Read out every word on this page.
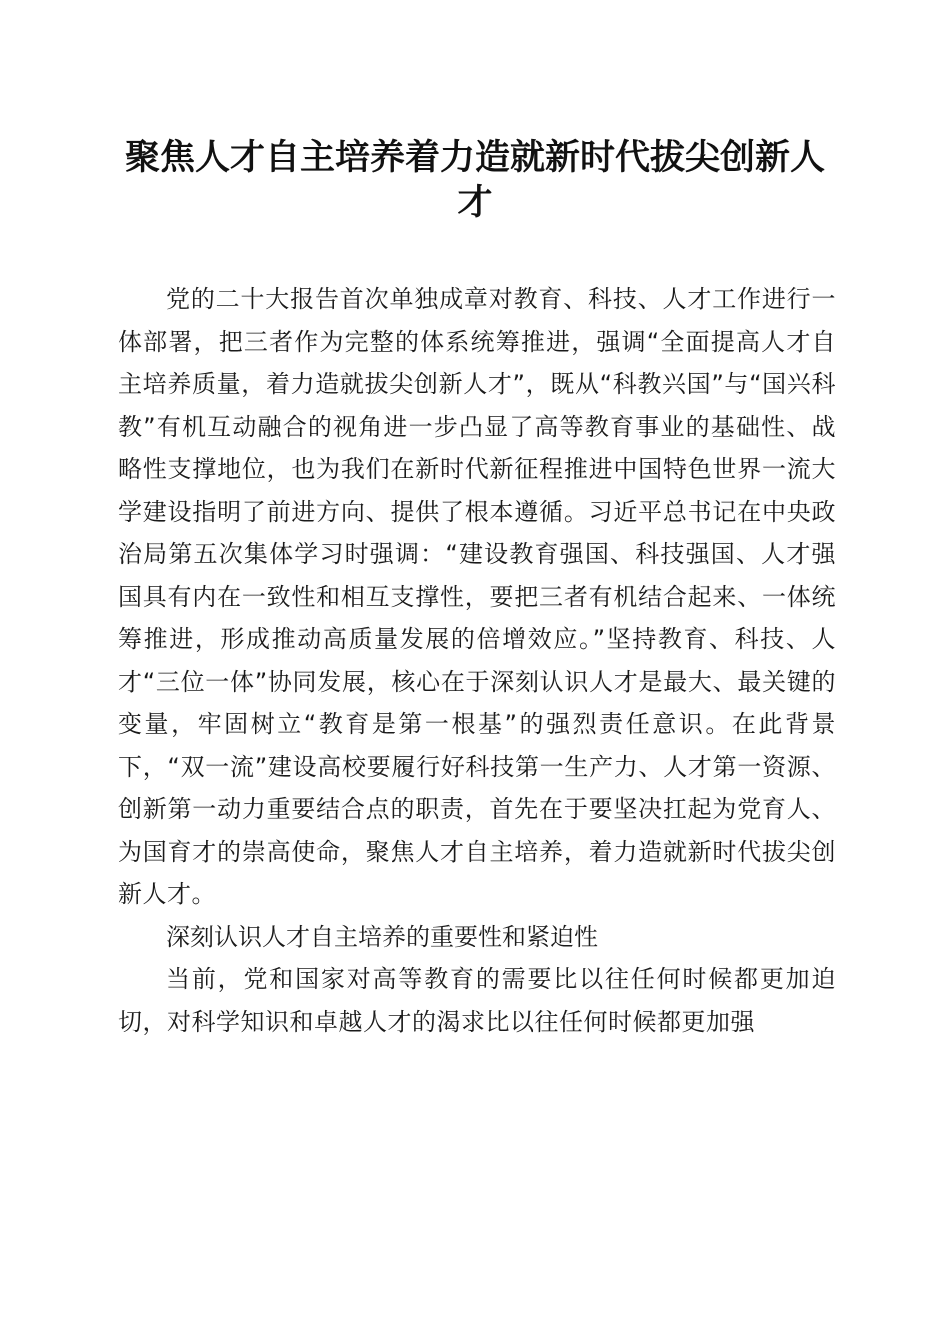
聚焦人才自主培养着力造就新时代拔尖创新人才

党的二十大报告首次单独成章对教育、科技、人才工作进行一体部署，把三者作为完整的体系统筹推进，强调“全面提高人才自主培养质量，着力造就拔尖创新人才”，既从“科教兴国”与“国兴科教”有机互动融合的视角进一步凸显了高等教育事业的基础性、战略性支撑地位，也为我们在新时代新征程推进中国特色世界一流大学建设指明了前进方向、提供了根本遵循。习近平总书记在中央政治局第五次集体学习时强调：“建设教育强国、科技强国、人才强国具有内在一致性和相互支撑性，要把三者有机结合起来、一体统筹推进，形成推动高质量发展的倍增效应。”坚持教育、科技、人才“三位一体”协同发展，核心在于深刻认识人才是最大、最关键的变量，牢固树立“教育是第一根基”的强烈责任意识。在此背景下，“双一流”建设高校要履行好科技第一生产力、人才第一资源、创新第一动力重要结合点的职责，首先在于要坚决扛起为党育人、为国育才的崇高使命，聚焦人才自主培养，着力造就新时代拔尖创新人才。

深刻认识人才自主培养的重要性和紧迫性

当前，党和国家对高等教育的需要比以往任何时候都更加迫切，对科学知识和卓越人才的渴求比以往任何时候都更加强
